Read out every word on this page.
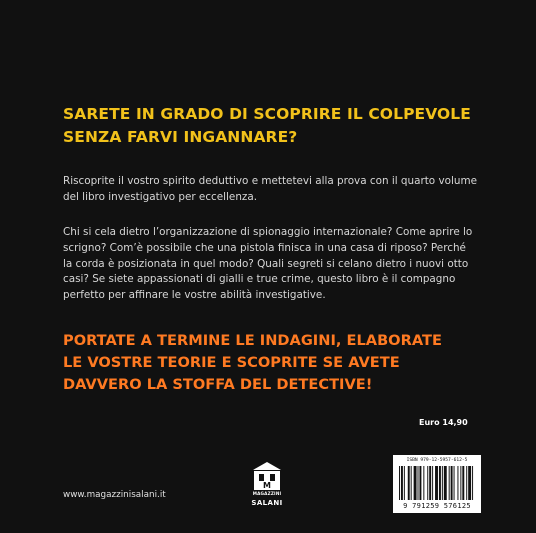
SARETE IN GRADO DI SCOPRIRE IL COLPEVOLE
SENZA FARVI INGANNARE?

Riscoprite il vostro spirito deduttivo e mettetevi alla prova con il quarto volume
del libro investigativo per eccellenza.

Chi si cela dietro l’organizzazione di spionaggio internazionale? Come aprire lo
scrigno? Com’è possibile che una pistola finisca in una casa di riposo? Perché
la corda è posizionata in quel modo? Quali segreti si celano dietro i nuovi otto
casi? Se siete appassionati di gialli e true crime, questo libro è il compagno
perfetto per affinare le vostre abilità investigative.

PORTATE A TERMINE LE INDAGINI, ELABORATE
LE VOSTRE TEORIE E SCOPRITE SE AVETE
DAVVERO LA STOFFA DEL DETECTIVE!

Euro 14,90
ISBN 979-12-5957-612-5
9 791259 576125
M
MAGAZZINI
SALANI
www.magazzinisalani.it
